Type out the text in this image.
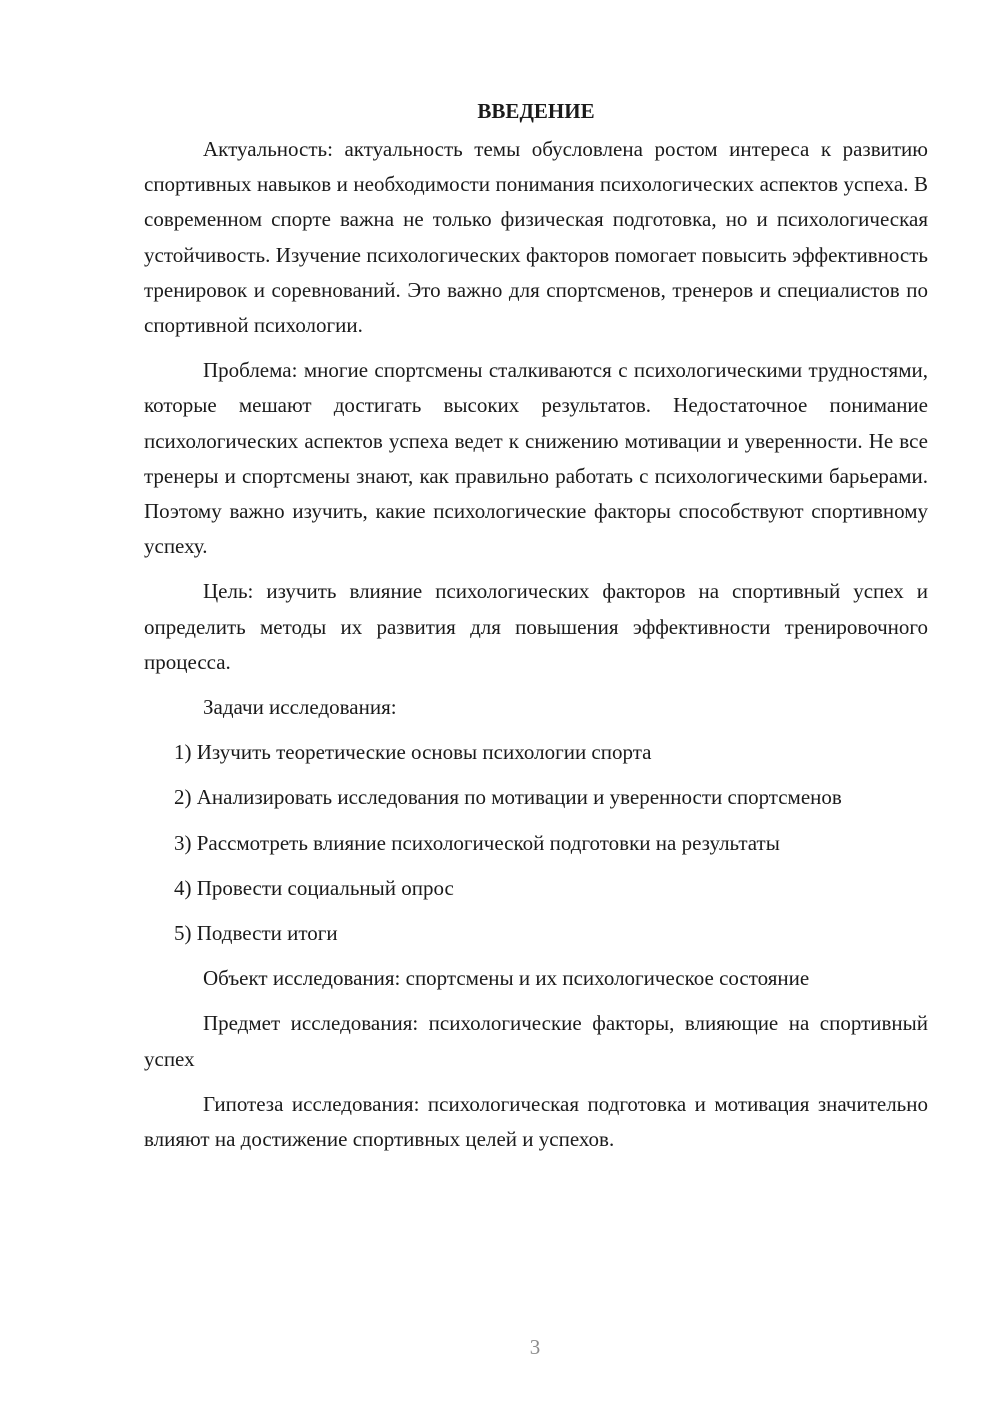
ВВЕДЕНИЕ

Актуальность: актуальность темы обусловлена ростом интереса к развитию спортивных навыков и необходимости понимания психологических аспектов успеха. В современном спорте важна не только физическая подготовка, но и психологическая устойчивость. Изучение психологических факторов помогает повысить эффективность тренировок и соревнований. Это важно для спортсменов, тренеров и специалистов по спортивной психологии.

Проблема: многие спортсмены сталкиваются с психологическими трудностями, которые мешают достигать высоких результатов. Недостаточное понимание психологических аспектов успеха ведет к снижению мотивации и уверенности. Не все тренеры и спортсмены знают, как правильно работать с психологическими барьерами. Поэтому важно изучить, какие психологические факторы способствуют спортивному успеху.

Цель: изучить влияние психологических факторов на спортивный успех и определить методы их развития для повышения эффективности тренировочного процесса.

Задачи исследования:

1) Изучить теоретические основы психологии спорта

2) Анализировать исследования по мотивации и уверенности спортсменов

3) Рассмотреть влияние психологической подготовки на результаты

4) Провести социальный опрос

5) Подвести итоги

Объект исследования: спортсмены и их психологическое состояние

Предмет исследования: психологические факторы, влияющие на спортивный успех

Гипотеза исследования: психологическая подготовка и мотивация значительно влияют на достижение спортивных целей и успехов.

3
